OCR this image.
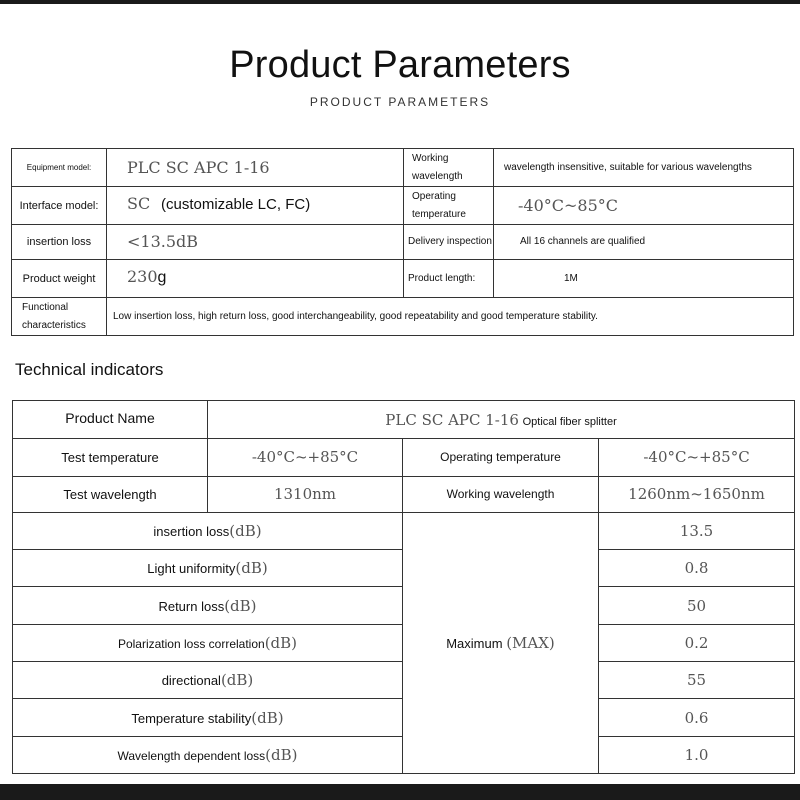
Product Parameters
PRODUCT PARAMETERS
Equipment model:	PLC SC APC 1-16	Working wavelength	wavelength insensitive, suitable for various wavelengths
Interface model:	SC (customizable LC, FC)	Operating temperature	-40°C~85°C
insertion loss	<13.5dB	Delivery inspection	All 16 channels are qualified
Product weight	230g	Product length:	1M
Functional characteristics	Low insertion loss, high return loss, good interchangeability, good repeatability and good temperature stability.		
Technical indicators
Product Name	PLC SC APC 1-16 Optical fiber splitter		
Test temperature	-40°C~+85°C	Operating temperature	-40°C~+85°C
Test wavelength	1310nm	Working wavelength	1260nm~1650nm
insertion loss(dB)		Maximum (MAX)	13.5
Light uniformity(dB)			0.8
Return loss(dB)			50
Polarization loss correlation(dB)			0.2
directional(dB)			55
Temperature stability(dB)			0.6
Wavelength dependent loss(dB)			1.0
